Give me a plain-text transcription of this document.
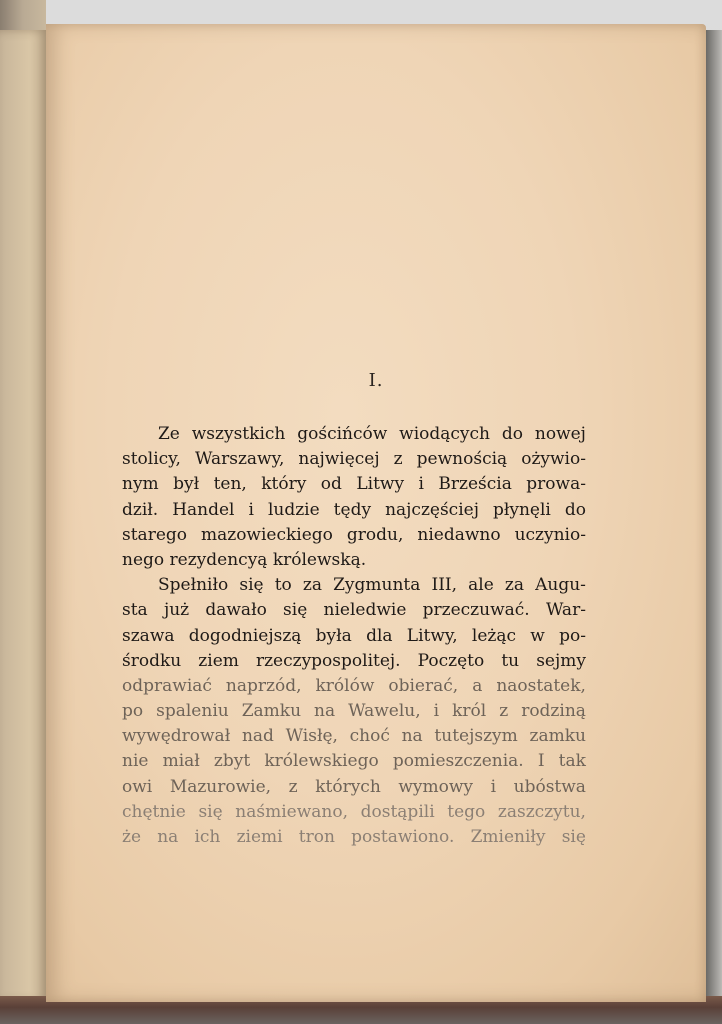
I.
Ze wszystkich gościńców wiodących do nowej
stolicy, Warszawy, najwięcej z pewnością ożywio-
nym był ten, który od Litwy i Brześcia prowa-
dził. Handel i ludzie tędy najczęściej płynęli do
starego mazowieckiego grodu, niedawno uczynio-
nego rezydencyą królewską.
Spełniło się to za Zygmunta III, ale za Augu-
sta już dawało się nieledwie przeczuwać. War-
szawa dogodniejszą była dla Litwy, leżąc w po-
środku ziem rzeczypospolitej. Poczęto tu sejmy
odprawiać naprzód, królów obierać, a naostatek,
po spaleniu Zamku na Wawelu, i król z rodziną
wywędrował nad Wisłę, choć na tutejszym zamku
nie miał zbyt królewskiego pomieszczenia. I tak
owi Mazurowie, z których wymowy i ubóstwa
chętnie się naśmiewano, dostąpili tego zaszczytu,
że na ich ziemi tron postawiono. Zmieniły się
